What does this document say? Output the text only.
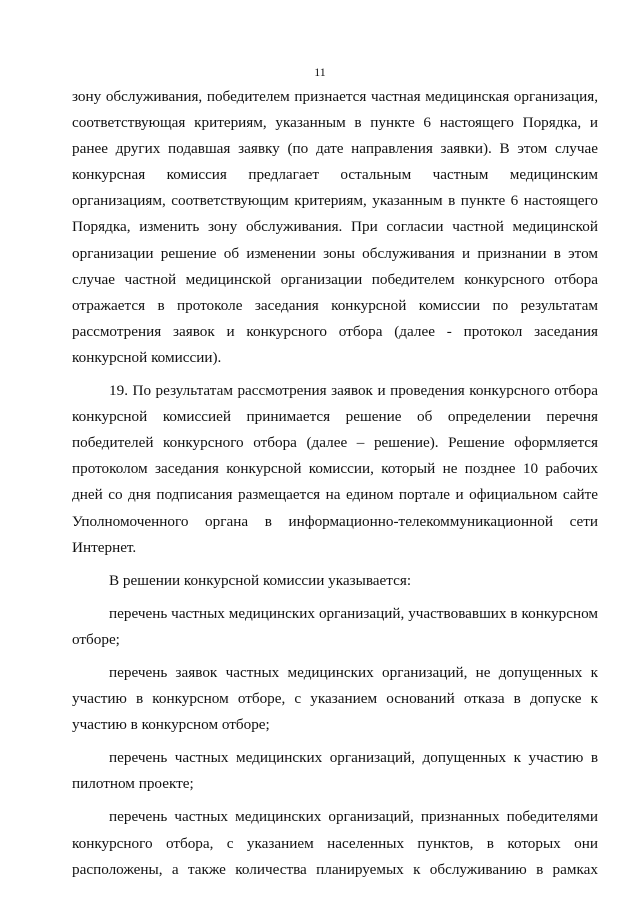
11

зону обслуживания, победителем признается частная медицинская организация, соответствующая критериям, указанным в пункте 6 настоящего Порядка, и ранее других подавшая заявку (по дате направления заявки). В этом случае конкурсная комиссия предлагает остальным частным медицинским организациям, соответствующим критериям, указанным в пункте 6 настоящего Порядка, изменить зону обслуживания. При согласии частной медицинской организации решение об изменении зоны обслуживания и признании в этом случае частной медицинской организации победителем конкурсного отбора отражается в протоколе заседания конкурсной комиссии по результатам рассмотрения заявок и конкурсного отбора (далее - протокол заседания конкурсной комиссии).

19. По результатам рассмотрения заявок и проведения конкурсного отбора конкурсной комиссией принимается решение об определении перечня победителей конкурсного отбора (далее – решение). Решение оформляется протоколом заседания конкурсной комиссии, который не позднее 10 рабочих дней со дня подписания размещается на едином портале и официальном сайте Уполномоченного органа в информационно-телекоммуникационной сети Интернет.

В решении конкурсной комиссии указывается:

перечень частных медицинских организаций, участвовавших в конкурсном отборе;

перечень заявок частных медицинских организаций, не допущенных к участию в конкурсном отборе, с указанием оснований отказа в допуске к участию в конкурсном отборе;

перечень частных медицинских организаций, допущенных к участию в пилотном проекте;

перечень частных медицинских организаций, признанных победителями конкурсного отбора, с указанием населенных пунктов, в которых они расположены, а также количества планируемых к обслуживанию в рамках
